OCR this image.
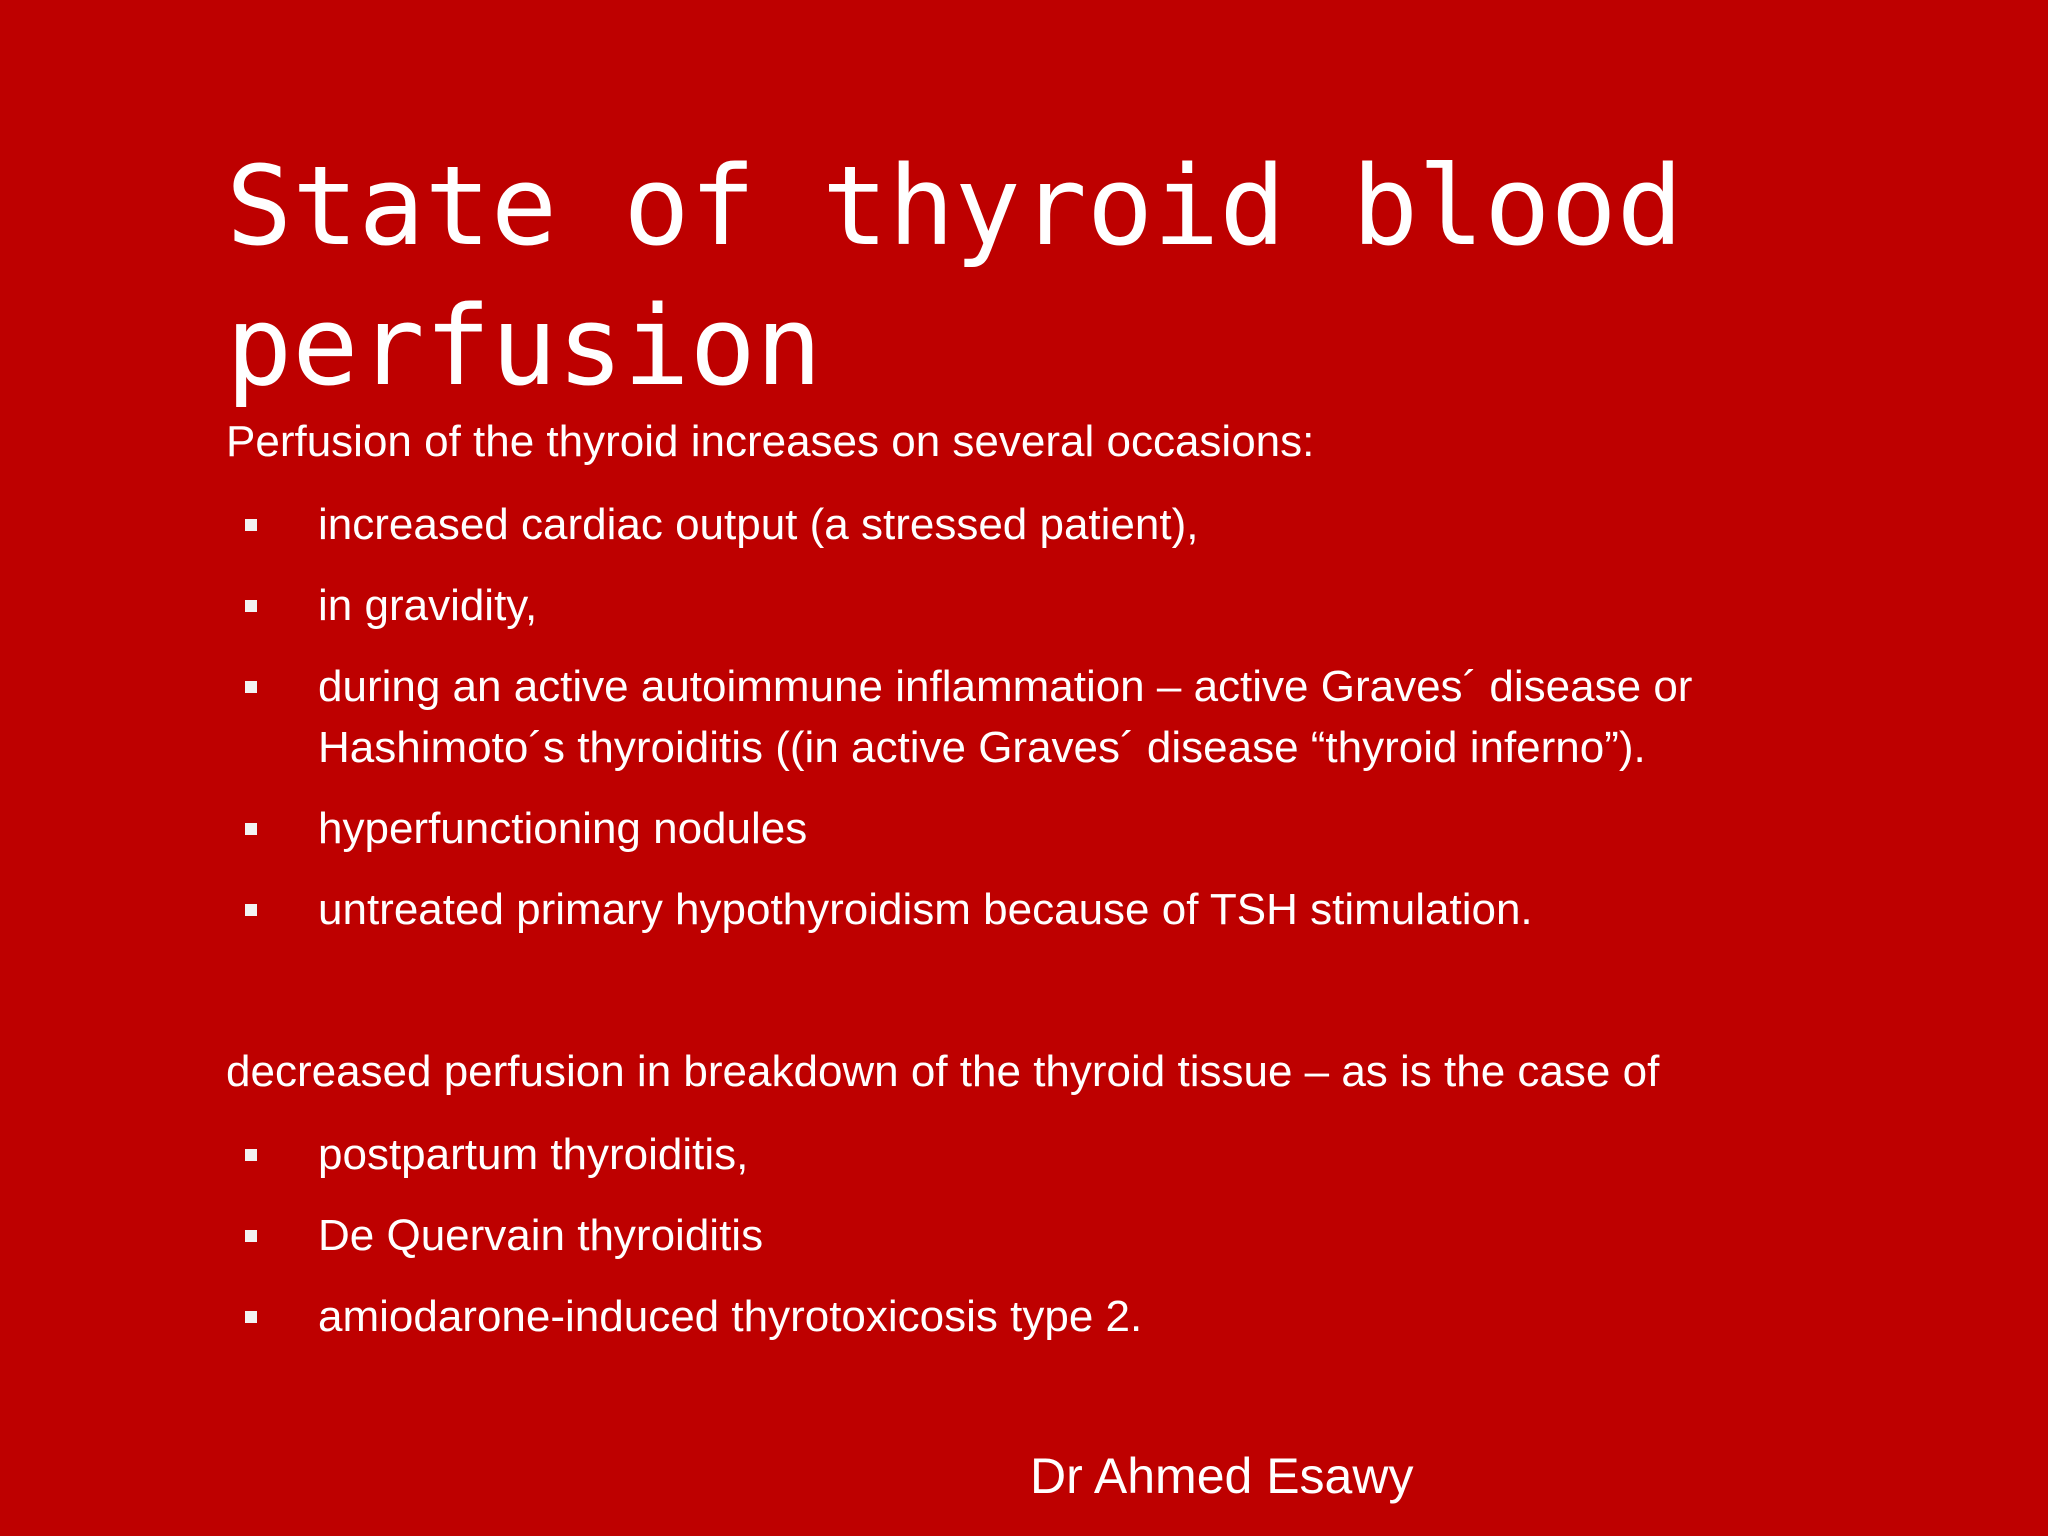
State of thyroid blood perfusion

Perfusion of the thyroid increases on several occasions:

increased cardiac output (a stressed patient),
in gravidity,
during an active autoimmune inflammation – active Graves´ disease or Hashimoto´s thyroiditis ((in active Graves´ disease “thyroid inferno”).
hyperfunctioning nodules
untreated primary hypothyroidism because of TSH stimulation.

decreased perfusion in breakdown of the thyroid tissue – as is the case of

postpartum thyroiditis,
De Quervain thyroiditis
amiodarone-induced thyrotoxicosis type 2.
Dr Ahmed Esawy
